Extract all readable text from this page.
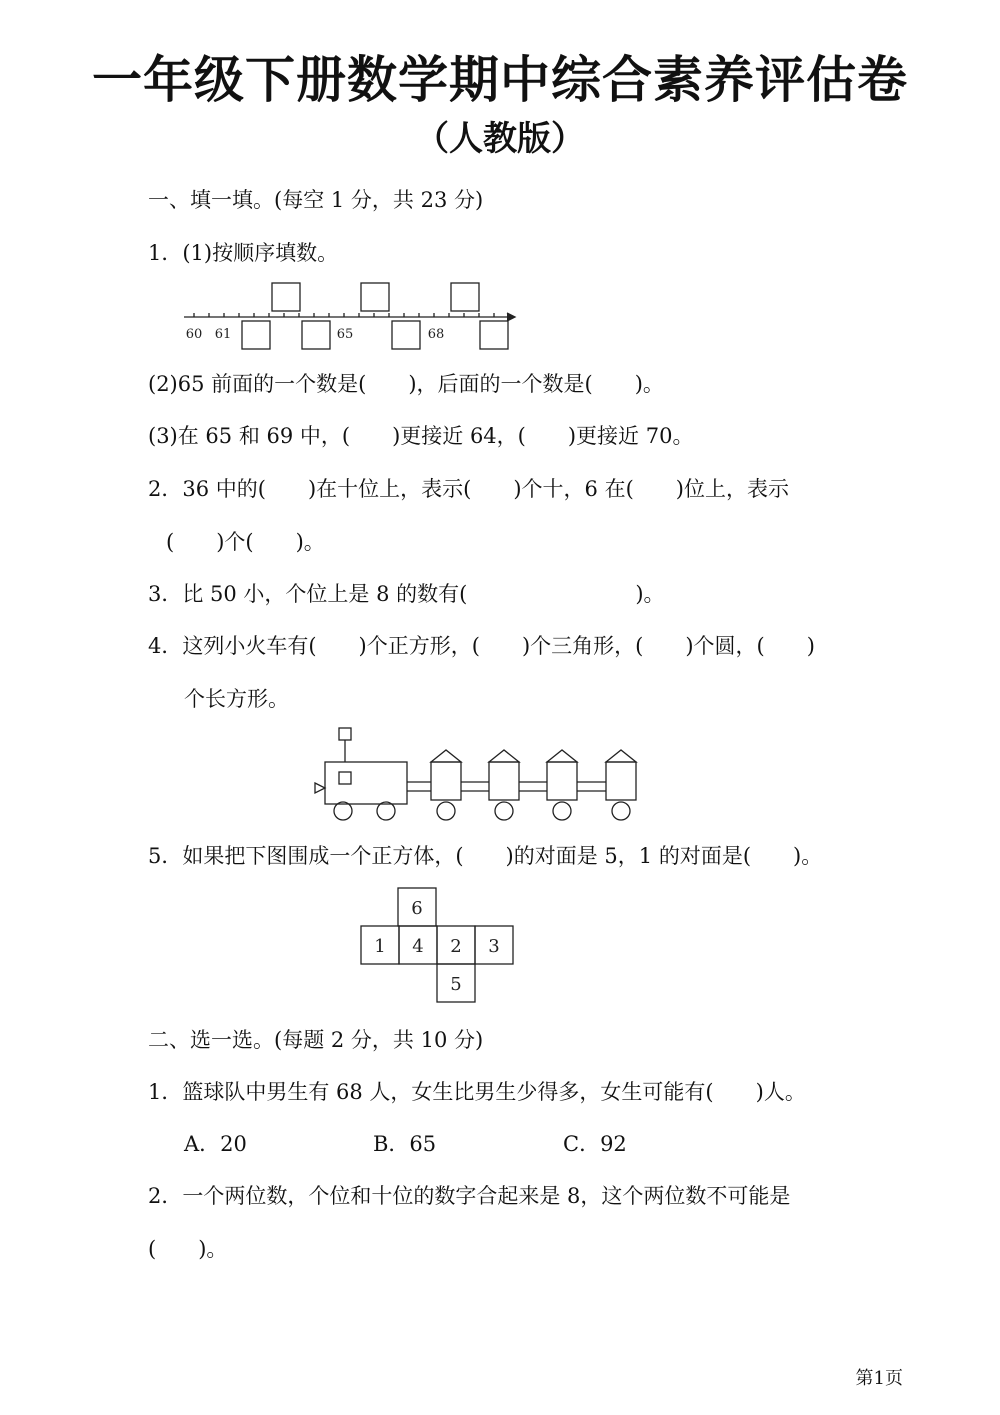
一年级下册数学期中综合素养评估卷
（人教版）
一、填一填。(每空 1 分，共 23 分)
1．(1)按顺序填数。
60 61	65	68
(2)65 前面的一个数是(　　)，后面的一个数是(　　)。
(3)在 65 和 69 中，(　　)更接近 64，(　　)更接近 70。
2．36 中的(　　)在十位上，表示(　　)个十，6 在(　　)位上，表示
(　　)个(　　)。
3．比 50 小，个位上是 8 的数有(　　　　　　　　)。
4．这列小火车有(　　)个正方形，(　　)个三角形，(　　)个圆，(　　)
个长方形。
5．如果把下图围成一个正方体，(　　)的对面是 5，1 的对面是(　　)。
6
1 4 2 3
5
二、选一选。(每题 2 分，共 10 分)
1．篮球队中男生有 68 人，女生比男生少得多，女生可能有(　　)人。
A．20	B．65	C．92
2．一个两位数，个位和十位的数字合起来是 8，这个两位数不可能是
(　　)。
第1页
